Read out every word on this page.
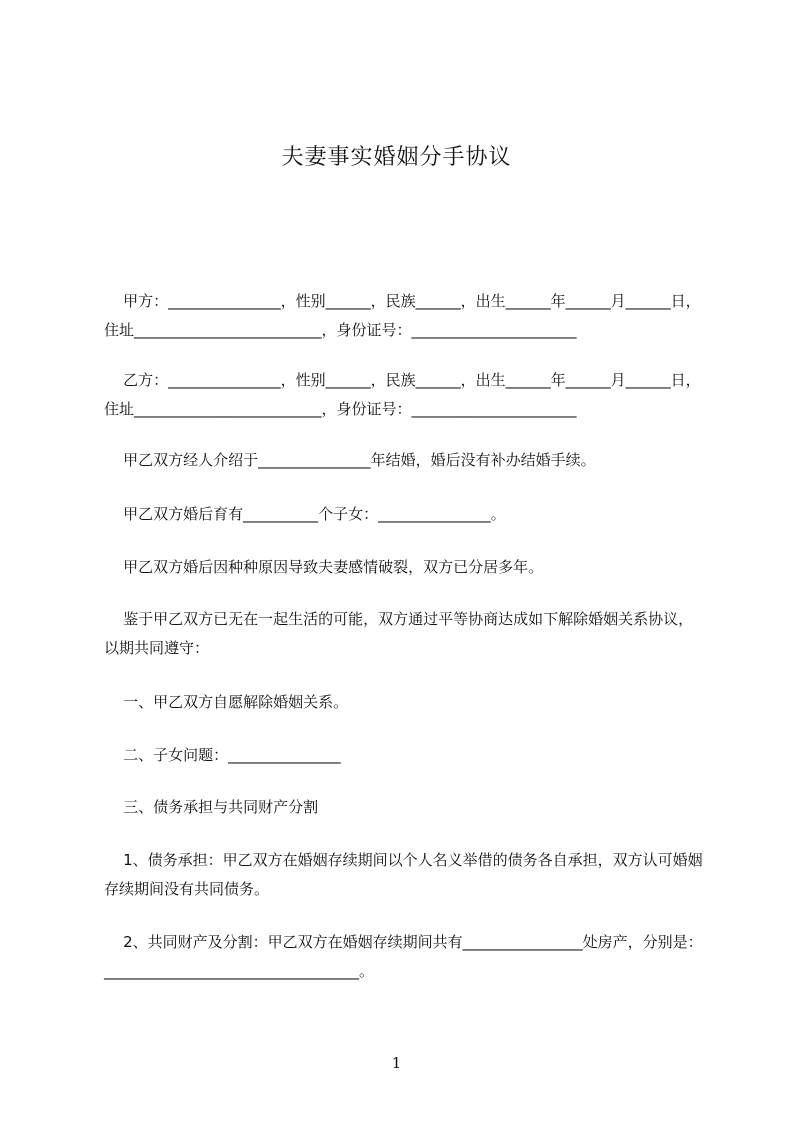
夫妻事实婚姻分手协议
甲方：_______________，性别______，民族______，出生______年______月______日，住址_________________________，身份证号：______________________
乙方：_______________，性别______，民族______，出生______年______月______日，住址_________________________，身份证号：______________________
甲乙双方经人介绍于_______________年结婚，婚后没有补办结婚手续。
甲乙双方婚后育有__________个子女：_______________。
甲乙双方婚后因种种原因导致夫妻感情破裂，双方已分居多年。
鉴于甲乙双方已无在一起生活的可能，双方通过平等协商达成如下解除婚姻关系协议，以期共同遵守：
一、甲乙双方自愿解除婚姻关系。
二、子女问题：_______________
三、债务承担与共同财产分割
1、债务承担：甲乙双方在婚姻存续期间以个人名义举借的债务各自承担，双方认可婚姻存续期间没有共同债务。
2、共同财产及分割：甲乙双方在婚姻存续期间共有________________处房产，分别是：__________________________________。
1
